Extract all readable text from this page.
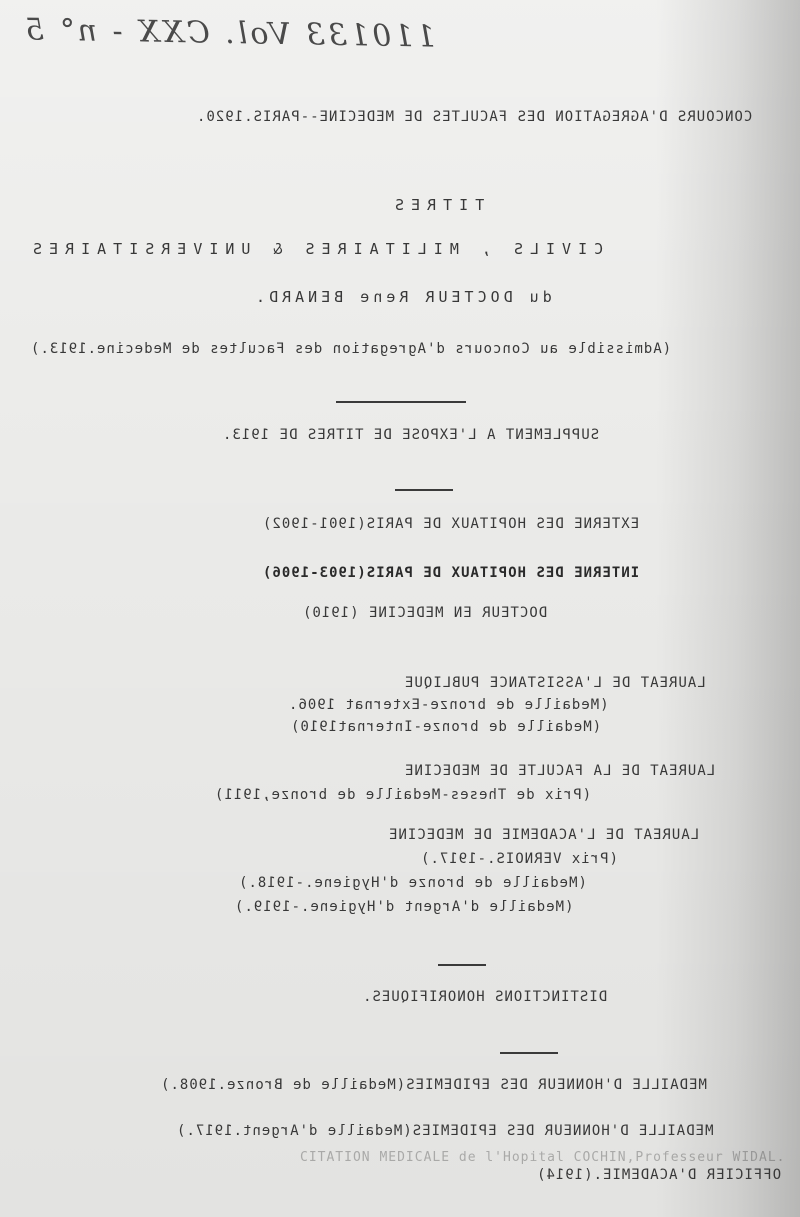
110133 Vol. CXX - n° 5
CONCOURS D'AGREGATION DES FACULTES DE MEDECINE--PARIS.1920.
TITRES
CIVILS , MILITAIRES & UNIVERSITAIRES
du DOCTEUR Rene BENARD.
(Admissible au Concours d'Agregation des Facultes de Medecine.1913.)
SUPPLEMENT A L'EXPOSE DE TITRES DE 1913.
EXTERNE DES HOPITAUX DE PARIS(1901-1902)
INTERNE DES HOPITAUX DE PARIS(1903-1906)
DOCTEUR EN MEDECINE (1910)
LAUREAT DE L'ASSISTANCE PUBLIQUE
(Medaille de bronze-Externat 1906.
(Medaille de bronze-Internat1910)
LAUREAT DE LA FACULTE DE MEDECINE
(Prix de Theses-Medaille de bronze,1911)
LAUREAT DE L'ACADEMIE DE MEDECINE
(Prix VERNOIS.-1917.)
(Medaille de bronze d'Hygiene.-1918.)
(Medaille d'Argent d'Hygiene.-1919.)
DISTINCTIONS HONORIFIQUES.
MEDAILLE D'HONNEUR DES EPIDEMIES(Medaille de Bronze.1908.)
MEDAILLE D'HONNEUR DES EPIDEMIES(Medaille d'Argent.1917.)
OFFICIER D'ACADEMIE.(1914)
CITATION MEDICALE de l'Hopital COCHIN,Professeur WIDAL.
